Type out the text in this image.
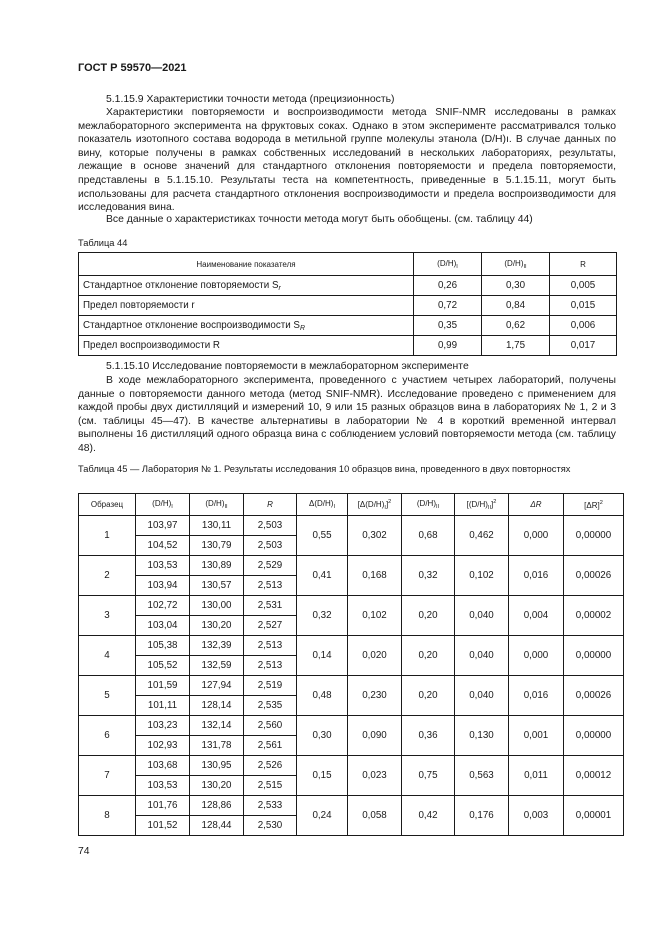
ГОСТ Р 59570—2021

5.1.15.9 Характеристики точности метода (прецизионность)

Характеристики повторяемости и воспроизводимости метода SNIF-NMR исследованы в рамках межлабораторного эксперимента на фруктовых соках. Однако в этом эксперименте рассматривался только показатель изотопного состава водорода в метильной группе молекулы этанола (D/H)ı. В случае данных по вину, которые получены в рамках собственных исследований в нескольких лабораториях, результаты, лежащие в основе значений для стандартного отклонения повторяемости и предела повторяемости, представлены в 5.1.15.10. Результаты теста на компетентность, приведенные в 5.1.15.11, могут быть использованы для расчета стандартного отклонения воспроизводимости и предела воспроизводимости для исследования вина.

Все данные о характеристиках точности метода могут быть обобщены. (см. таблицу 44)

Таблица 44
Наименование показателя	$(D/H)_I$	$(D/H)_{II}$	R
Стандартное отклонение повторяемости $S_r$	0,26	0,30	0,005
Предел повторяемости r	0,72	0,84	0,015
Стандартное отклонение воспроизводимости $S_R$	0,35	0,62	0,006
Предел воспроизводимости R	0,99	1,75	0,017

5.1.15.10 Исследование повторяемости в межлабораторном эксперименте

В ходе межлабораторного эксперимента, проведенного с участием четырех лабораторий, получены данные о повторяемости данного метода (метод SNIF-NMR). Исследование проведено с применением для каждой пробы двух дистилляций и измерений 10, 9 или 15 разных образцов вина в лабораториях № 1, 2 и 3 (см. таблицы 45—47). В качестве альтернативы в лаборатории № 4 в короткий временной интервал выполнены 16 дистилляций одного образца вина с соблюдением условий повторяемости метода (см. таблицу 48).

Таблица 45 — Лаборатория № 1. Результаты исследования 10 образцов вина, проведенного в двух повторностях
Образец	$(D/H)_I$	$(D/H)_{II}$	R	$\Delta(D/H)_I$	$[\Delta(D/H)_I]^2$	$(D/H)_{II}$	$[(D/H)_{II}]^2$	ΔR	$[\Delta R]^2$
1	103,97	130,11	2,503	0,55	0,302	0,68	0,462	0,000	0,00000
	104,52	130,79	2,503						
2	103,53	130,89	2,529	0,41	0,168	0,32	0,102	0,016	0,00026
	103,94	130,57	2,513						
3	102,72	130,00	2,531	0,32	0,102	0,20	0,040	0,004	0,00002
	103,04	130,20	2,527						
4	105,38	132,39	2,513	0,14	0,020	0,20	0,040	0,000	0,00000
	105,52	132,59	2,513						
5	101,59	127,94	2,519	0,48	0,230	0,20	0,040	0,016	0,00026
	101,11	128,14	2,535						
6	103,23	132,14	2,560	0,30	0,090	0,36	0,130	0,001	0,00000
	102,93	131,78	2,561						
7	103,68	130,95	2,526	0,15	0,023	0,75	0,563	0,011	0,00012
	103,53	130,20	2,515						
8	101,76	128,86	2,533	0,24	0,058	0,42	0,176	0,003	0,00001
	101,52	128,44	2,530						
74
